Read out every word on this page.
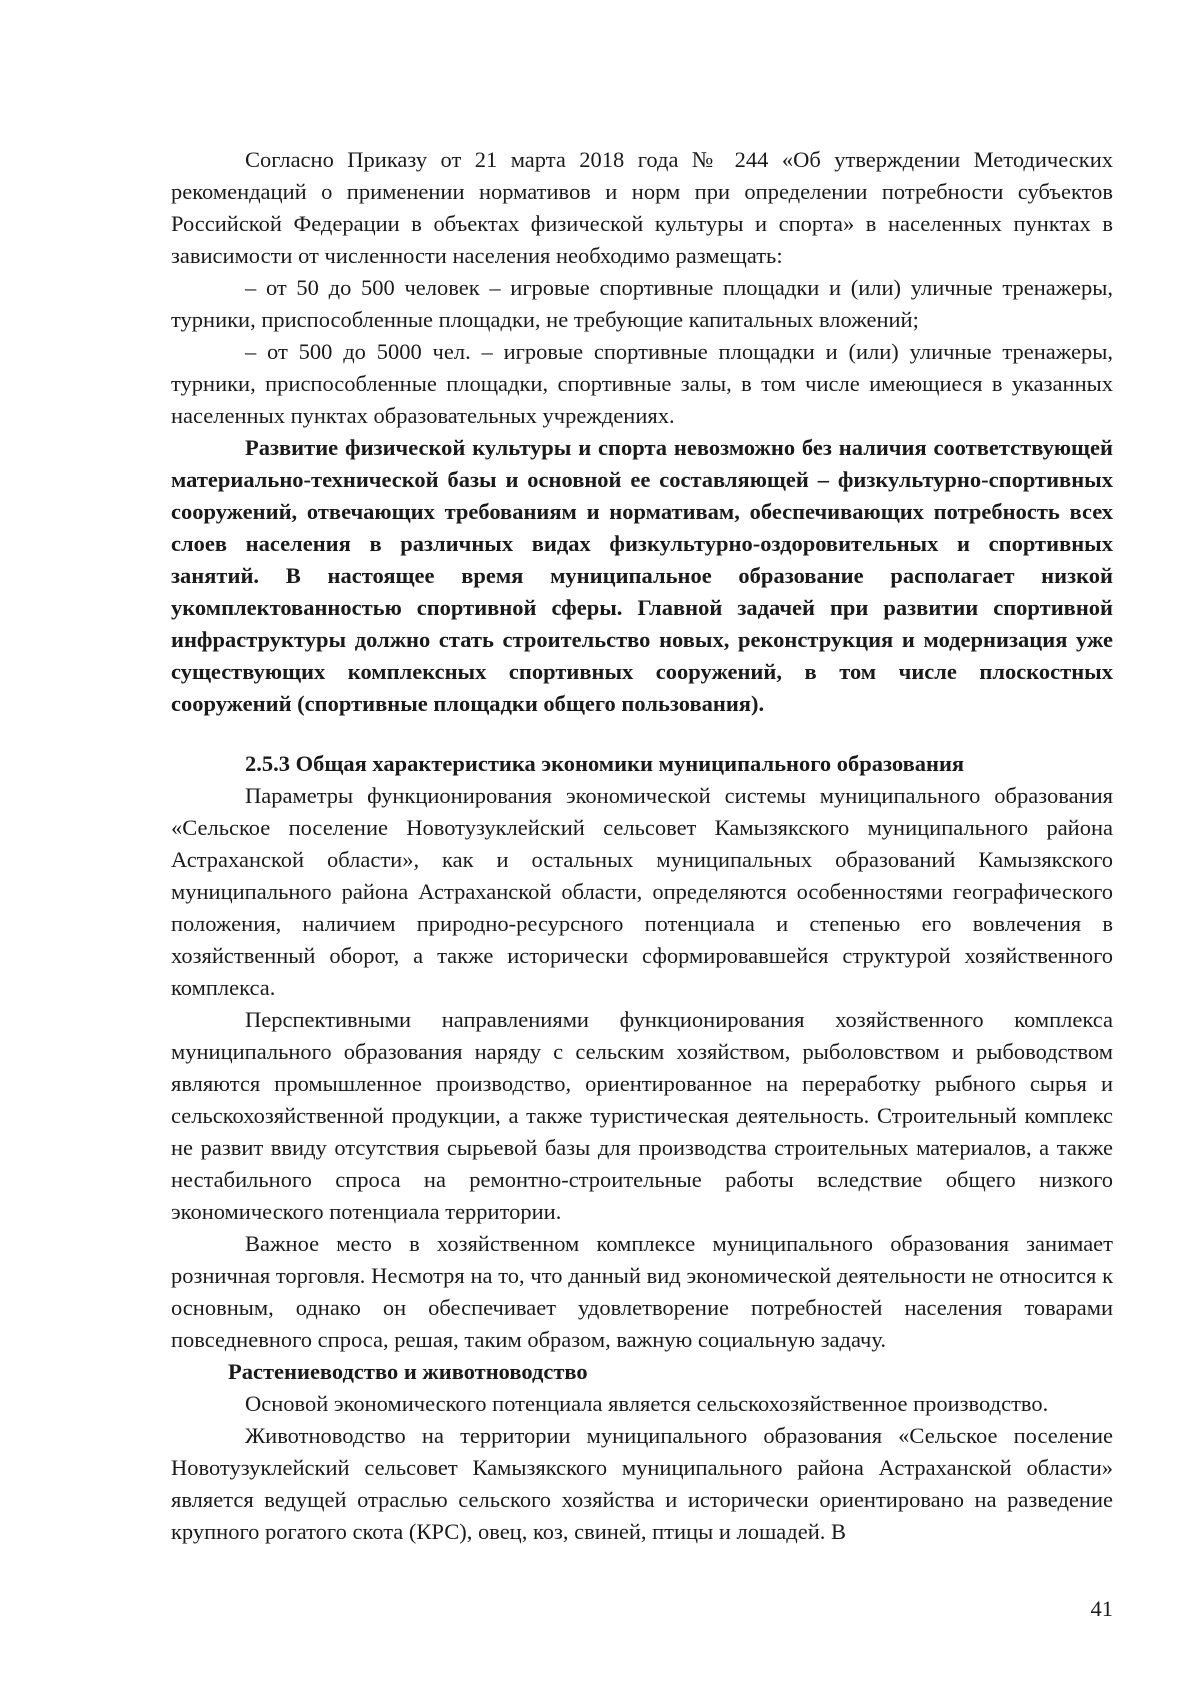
Согласно Приказу от 21 марта 2018 года № 244 «Об утверждении Методических рекомендаций о применении нормативов и норм при определении потребности субъектов Российской Федерации в объектах физической культуры и спорта» в населенных пунктах в зависимости от численности населения необходимо размещать:

– от 50 до 500 человек – игровые спортивные площадки и (или) уличные тренажеры, турники, приспособленные площадки, не требующие капитальных вложений;

– от 500 до 5000 чел. – игровые спортивные площадки и (или) уличные тренажеры, турники, приспособленные площадки, спортивные залы, в том числе имеющиеся в указанных населенных пунктах образовательных учреждениях.

Развитие физической культуры и спорта невозможно без наличия соответствующей материально-технической базы и основной ее составляющей – физкультурно-спортивных сооружений, отвечающих требованиям и нормативам, обеспечивающих потребность всех слоев населения в различных видах физкультурно-оздоровительных и спортивных занятий. В настоящее время муниципальное образование располагает низкой укомплектованностью спортивной сферы. Главной задачей при развитии спортивной инфраструктуры должно стать строительство новых, реконструкция и модернизация уже существующих комплексных спортивных сооружений, в том числе плоскостных сооружений (спортивные площадки общего пользования).

2.5.3 Общая характеристика экономики муниципального образования

Параметры функционирования экономической системы муниципального образования «Сельское поселение Новотузуклейский сельсовет Камызякского муниципального района Астраханской области», как и остальных муниципальных образований Камызякского муниципального района Астраханской области, определяются особенностями географического положения, наличием природно-ресурсного потенциала и степенью его вовлечения в хозяйственный оборот, а также исторически сформировавшейся структурой хозяйственного комплекса.

Перспективными направлениями функционирования хозяйственного комплекса муниципального образования наряду с сельским хозяйством, рыболовством и рыбоводством являются промышленное производство, ориентированное на переработку рыбного сырья и сельскохозяйственной продукции, а также туристическая деятельность. Строительный комплекс не развит ввиду отсутствия сырьевой базы для производства строительных материалов, а также нестабильного спроса на ремонтно-строительные работы вследствие общего низкого экономического потенциала территории.

Важное место в хозяйственном комплексе муниципального образования занимает розничная торговля. Несмотря на то, что данный вид экономической деятельности не относится к основным, однако он обеспечивает удовлетворение потребностей населения товарами повседневного спроса, решая, таким образом, важную социальную задачу.

Растениеводство и животноводство

Основой экономического потенциала является сельскохозяйственное производство.

Животноводство на территории муниципального образования «Сельское поселение Новотузуклейский сельсовет Камызякского муниципального района Астраханской области» является ведущей отраслью сельского хозяйства и исторически ориентировано на разведение крупного рогатого скота (КРС), овец, коз, свиней, птицы и лошадей. В

41
